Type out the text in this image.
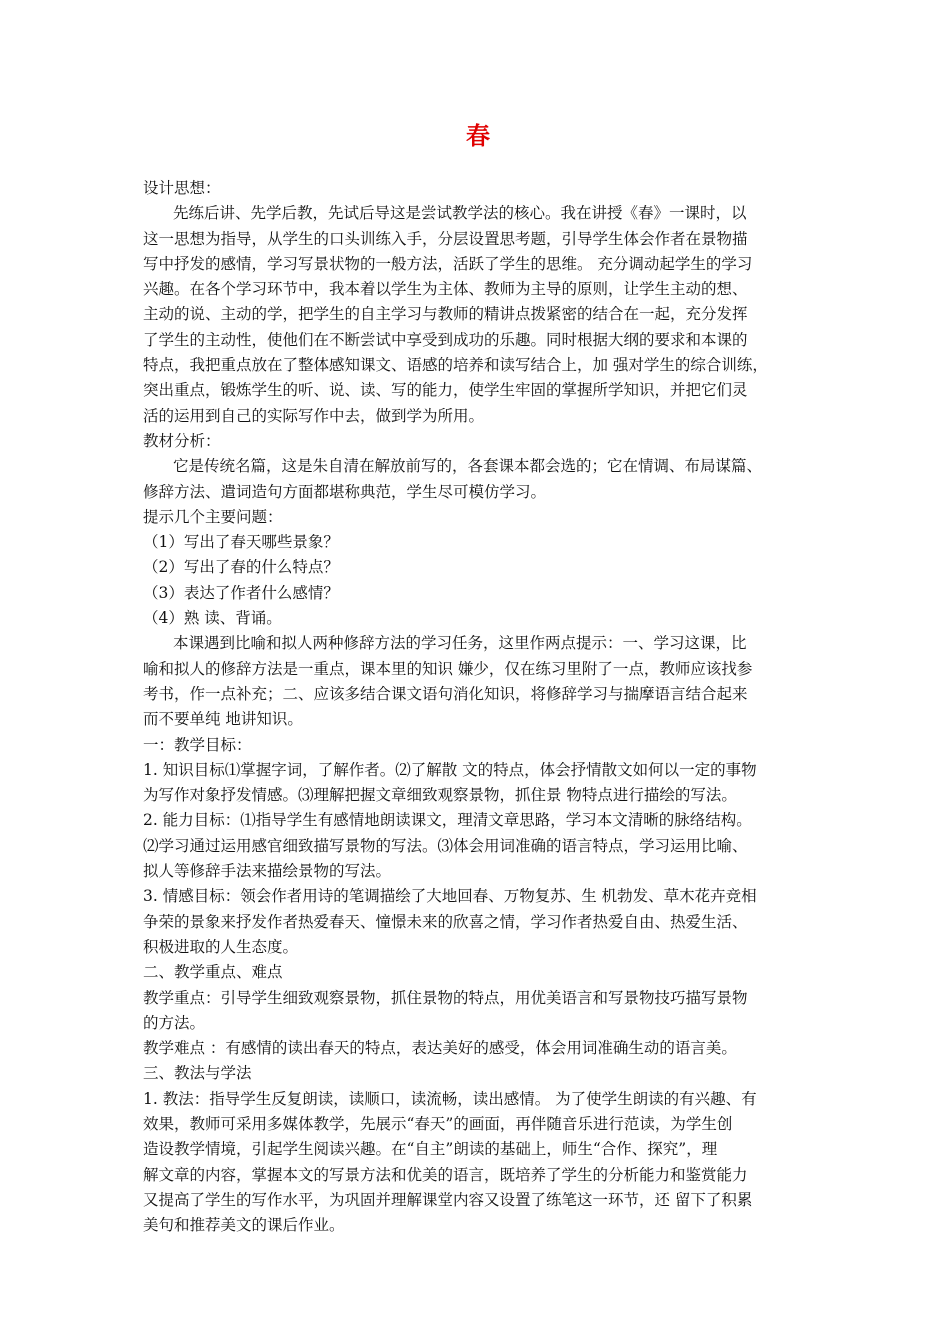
春
设计思想：
先练后讲、先学后教，先试后导这是尝试教学法的核心。我在讲授《春》一课时，以
这一思想为指导，从学生的口头训练入手，分层设置思考题，引导学生体会作者在景物描
写中抒发的感情，学习写景状物的一般方法，活跃了学生的思维。 充分调动起学生的学习
兴趣。在各个学习环节中，我本着以学生为主体、教师为主导的原则，让学生主动的想、
主动的说、主动的学，把学生的自主学习与教师的精讲点拨紧密的结合在一起，充分发挥
了学生的主动性，使他们在不断尝试中享受到成功的乐趣。同时根据大纲的要求和本课的
特点，我把重点放在了整体感知课文、语感的培养和读写结合上，加 强对学生的综合训练，
突出重点，锻炼学生的听、说、读、写的能力，使学生牢固的掌握所学知识，并把它们灵
活的运用到自己的实际写作中去，做到学为所用。
教材分析：
它是传统名篇，这是朱自清在解放前写的，各套课本都会选的；它在情调、布局谋篇、
修辞方法、遣词造句方面都堪称典范，学生尽可模仿学习。
提示几个主要问题：
（1）写出了春天哪些景象？
（2）写出了春的什么特点？
（3）表达了作者什么感情？
（4）熟 读、背诵。
本课遇到比喻和拟人两种修辞方法的学习任务，这里作两点提示：一、学习这课，比
喻和拟人的修辞方法是一重点，课本里的知识 嫌少，仅在练习里附了一点，教师应该找参
考书，作一点补充；二、应该多结合课文语句消化知识，将修辞学习与揣摩语言结合起来
而不要单纯 地讲知识。
一：教学目标：
1. 知识目标⑴掌握字词，了解作者。⑵了解散 文的特点，体会抒情散文如何以一定的事物
为写作对象抒发情感。⑶理解把握文章细致观察景物，抓住景 物特点进行描绘的写法。
2. 能力目标：⑴指导学生有感情地朗读课文，理清文章思路，学习本文清晰的脉络结构。
⑵学习通过运用感官细致描写景物的写法。⑶体会用词准确的语言特点，学习运用比喻、
拟人等修辞手法来描绘景物的写法。
3. 情感目标：领会作者用诗的笔调描绘了大地回春、万物复苏、生 机勃发、草木花卉竞相
争荣的景象来抒发作者热爱春天、憧憬未来的欣喜之情，学习作者热爱自由、热爱生活、
积极进取的人生态度。
二、教学重点、难点
教学重点：引导学生细致观察景物，抓住景物的特点，用优美语言和写景物技巧描写景物
的方法。
教学难点 ：有感情的读出春天的特点，表达美好的感受，体会用词准确生动的语言美。
三、教法与学法
1. 教法：指导学生反复朗读，读顺口，读流畅，读出感情。 为了使学生朗读的有兴趣、有
效果，教师可采用多媒体教学，先展示“春天”的画面，再伴随音乐进行范读，为学生创
造设教学情境，引起学生阅读兴趣。在“自主”朗读的基础上，师生“合作、探究”，理
解文章的内容，掌握本文的写景方法和优美的语言，既培养了学生的分析能力和鉴赏能力
又提高了学生的写作水平，为巩固并理解课堂内容又设置了练笔这一环节，还 留下了积累
美句和推荐美文的课后作业。
